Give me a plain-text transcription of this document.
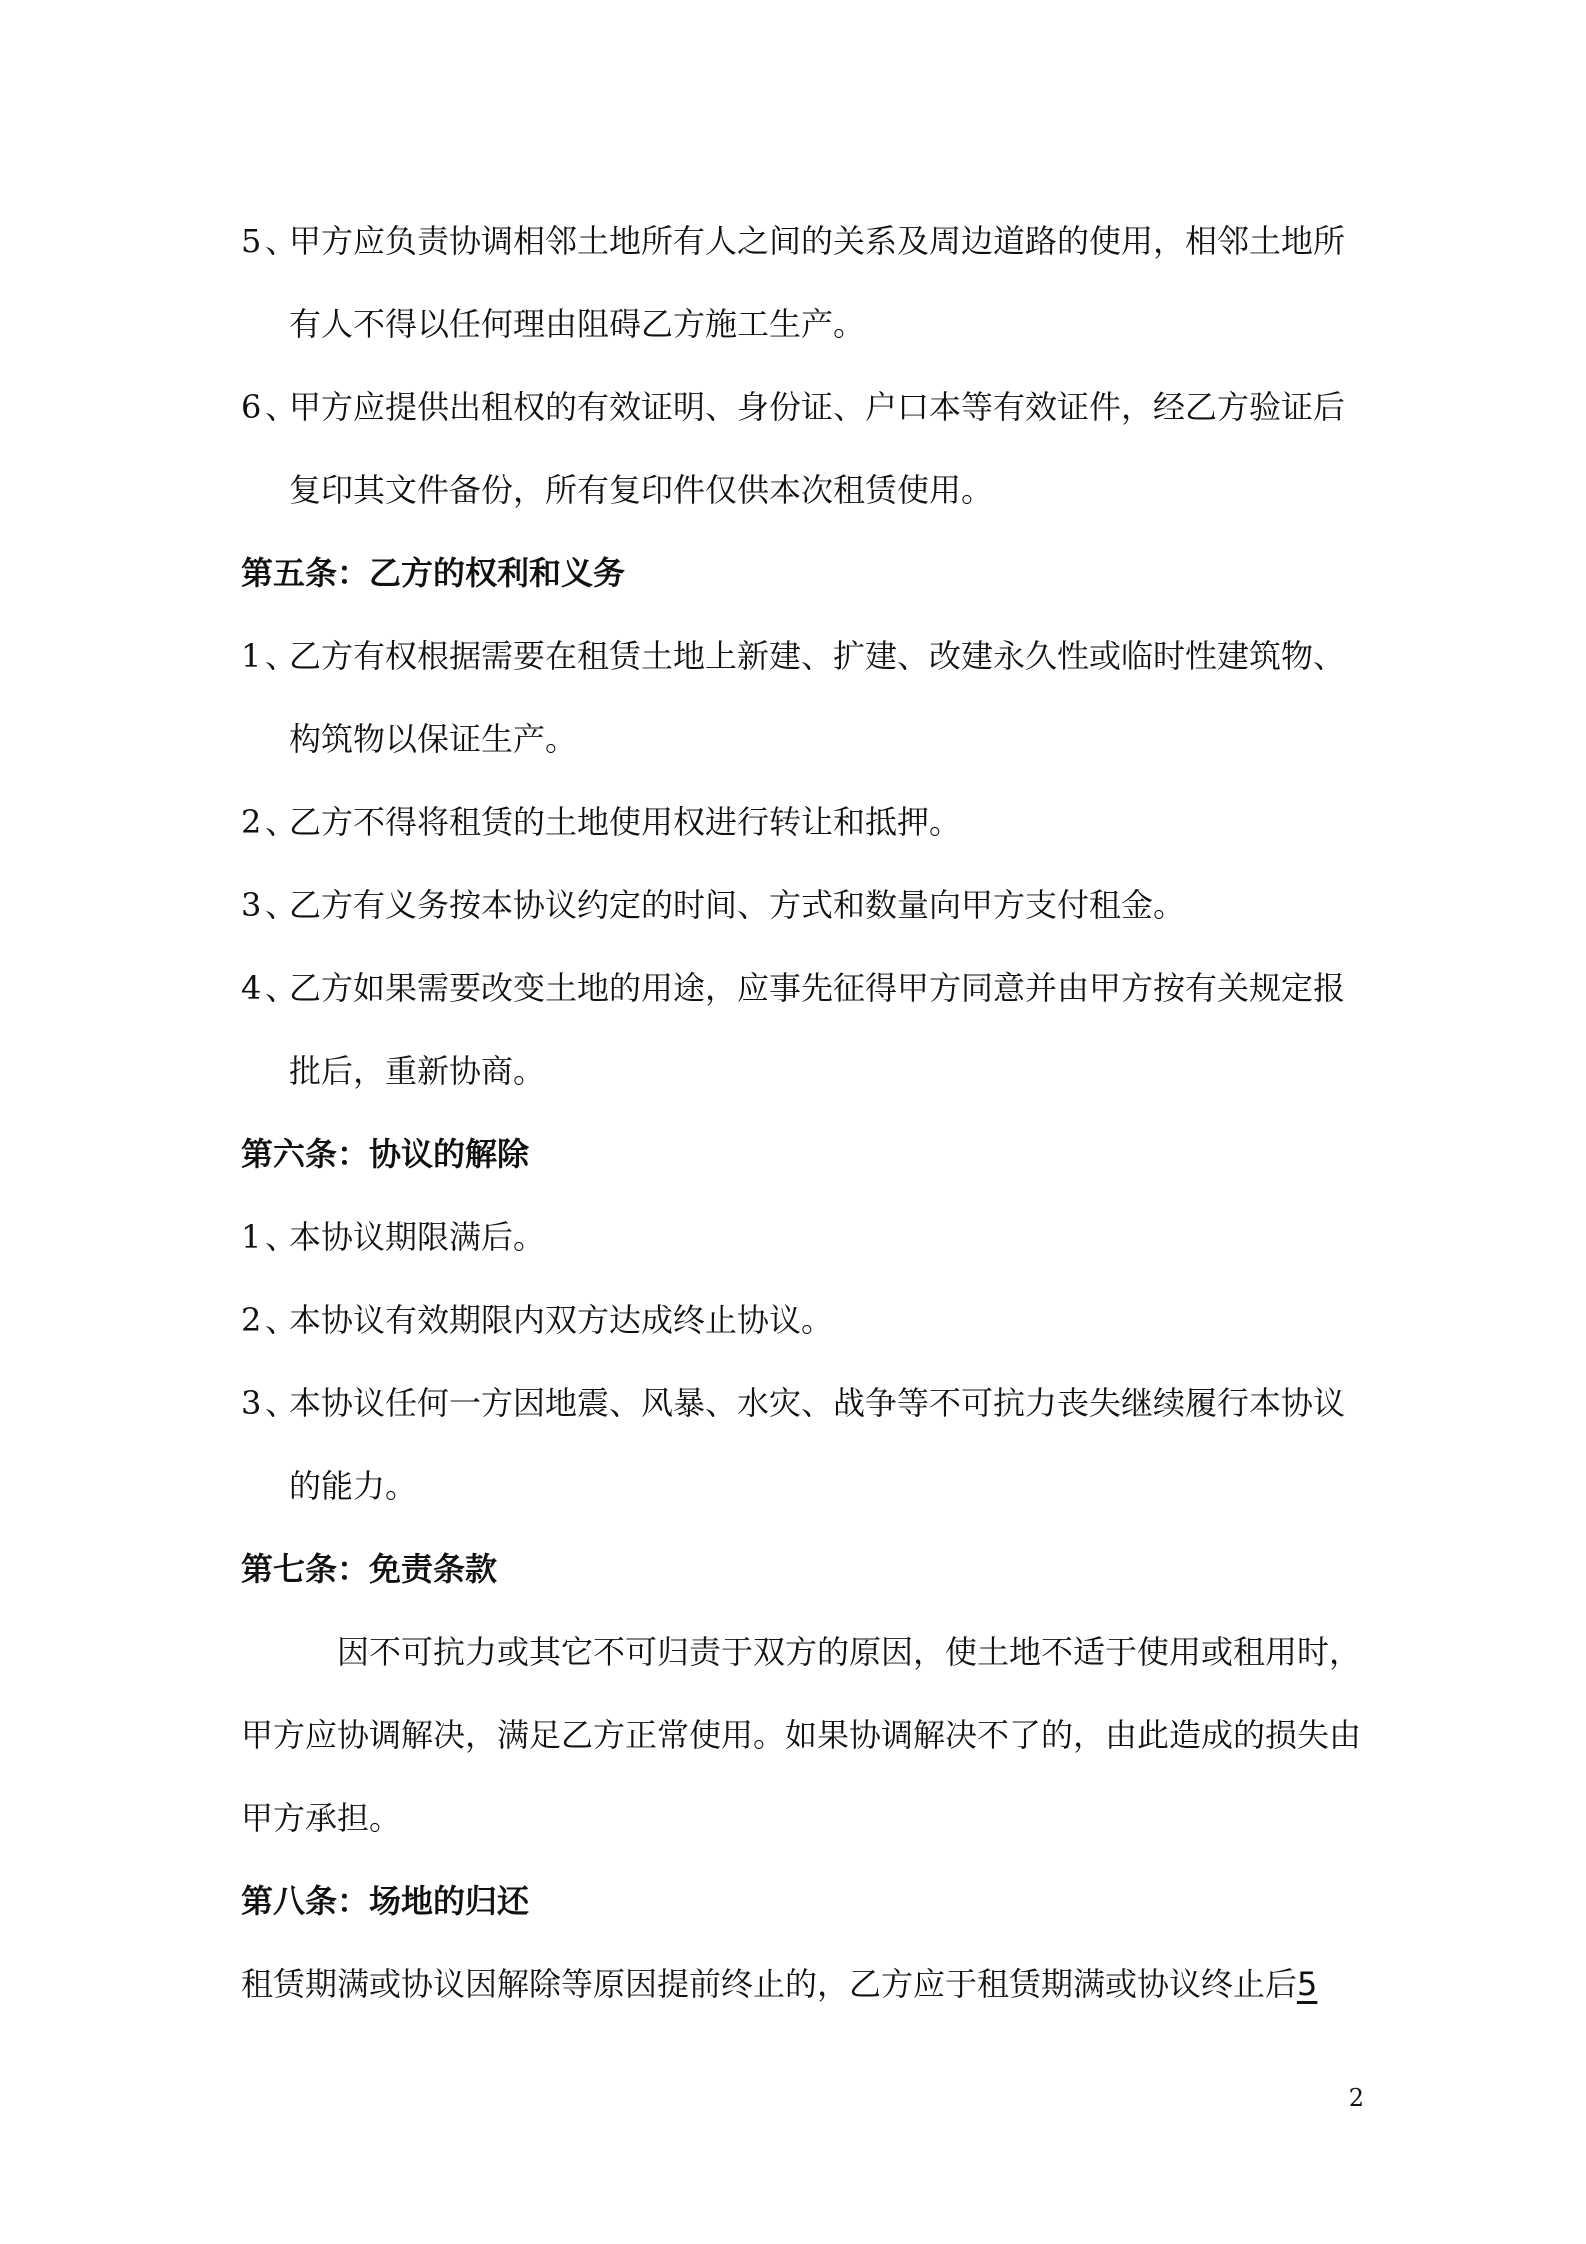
5 、甲方应负责协调相邻土地所有人之间的关系及周边道路的使用，相邻土地所有人不得以任何理由阻碍乙方施工生产。

6 、甲方应提供出租权的有效证明、身份证、户口本等有效证件，经乙方验证后复印其文件备份，所有复印件仅供本次租赁使用。

第五条：乙方的权利和义务

1 、乙方有权根据需要在租赁土地上新建、扩建、改建永久性或临时性建筑物、构筑物以保证生产。

2 、乙方不得将租赁的土地使用权进行转让和抵押。

3 、乙方有义务按本协议约定的时间、方式和数量向甲方支付租金。

4 、乙方如果需要改变土地的用途，应事先征得甲方同意并由甲方按有关规定报批后，重新协商。

第六条：协议的解除

1 、本协议期限满后。

2 、本协议有效期限内双方达成终止协议。

3 、本协议任何一方因地震、风暴、水灾、战争等不可抗力丧失继续履行本协议的能力。

第七条：免责条款

因不可抗力或其它不可归责于双方的原因，使土地不适于使用或租用时，甲方应协调解决，满足乙方正常使用。如果协调解决不了的，由此造成的损失由甲方承担。

第八条：场地的归还

租赁期满或协议因解除等原因提前终止的，乙方应于租赁期满或协议终止后5

2
